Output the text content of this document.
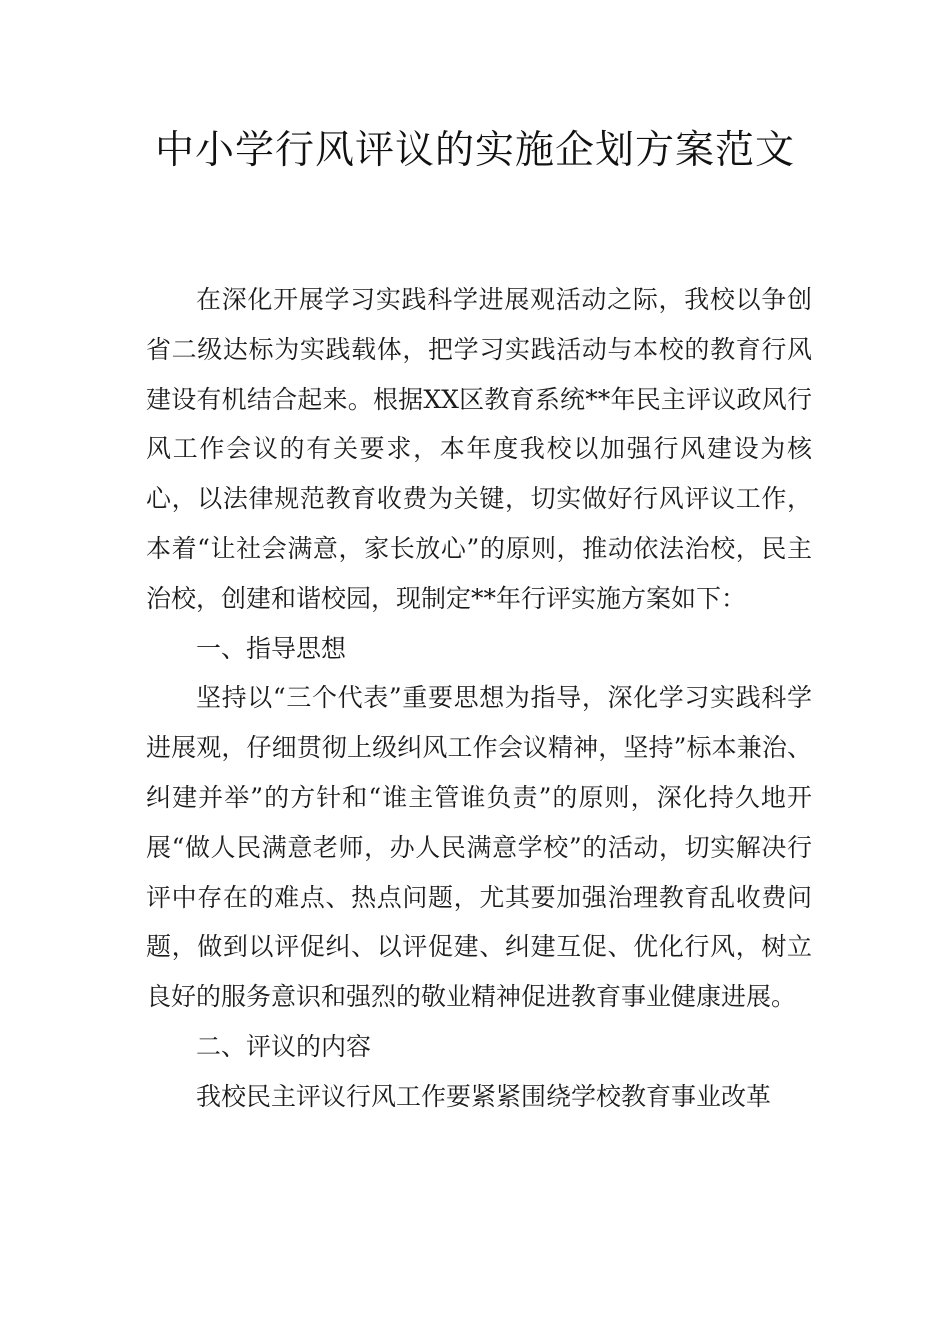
中小学行风评议的实施企划方案范文

在深化开展学习实践科学进展观活动之际，我校以争创省二级达标为实践载体，把学习实践活动与本校的教育行风建设有机结合起来。根据XX区教育系统**年民主评议政风行风工作会议的有关要求，本年度我校以加强行风建设为核心，以法律规范教育收费为关键，切实做好行风评议工作，本着“让社会满意，家长放心”的原则，推动依法治校，民主治校，创建和谐校园，现制定**年行评实施方案如下：

一、指导思想

坚持以“三个代表”重要思想为指导，深化学习实践科学进展观，仔细贯彻上级纠风工作会议精神，坚持”标本兼治、纠建并举”的方针和“谁主管谁负责”的原则，深化持久地开展“做人民满意老师，办人民满意学校”的活动，切实解决行评中存在的难点、热点问题，尤其要加强治理教育乱收费问题，做到以评促纠、以评促建、纠建互促、优化行风，树立良好的服务意识和强烈的敬业精神促进教育事业健康进展。

二、评议的内容

我校民主评议行风工作要紧紧围绕学校教育事业改革
